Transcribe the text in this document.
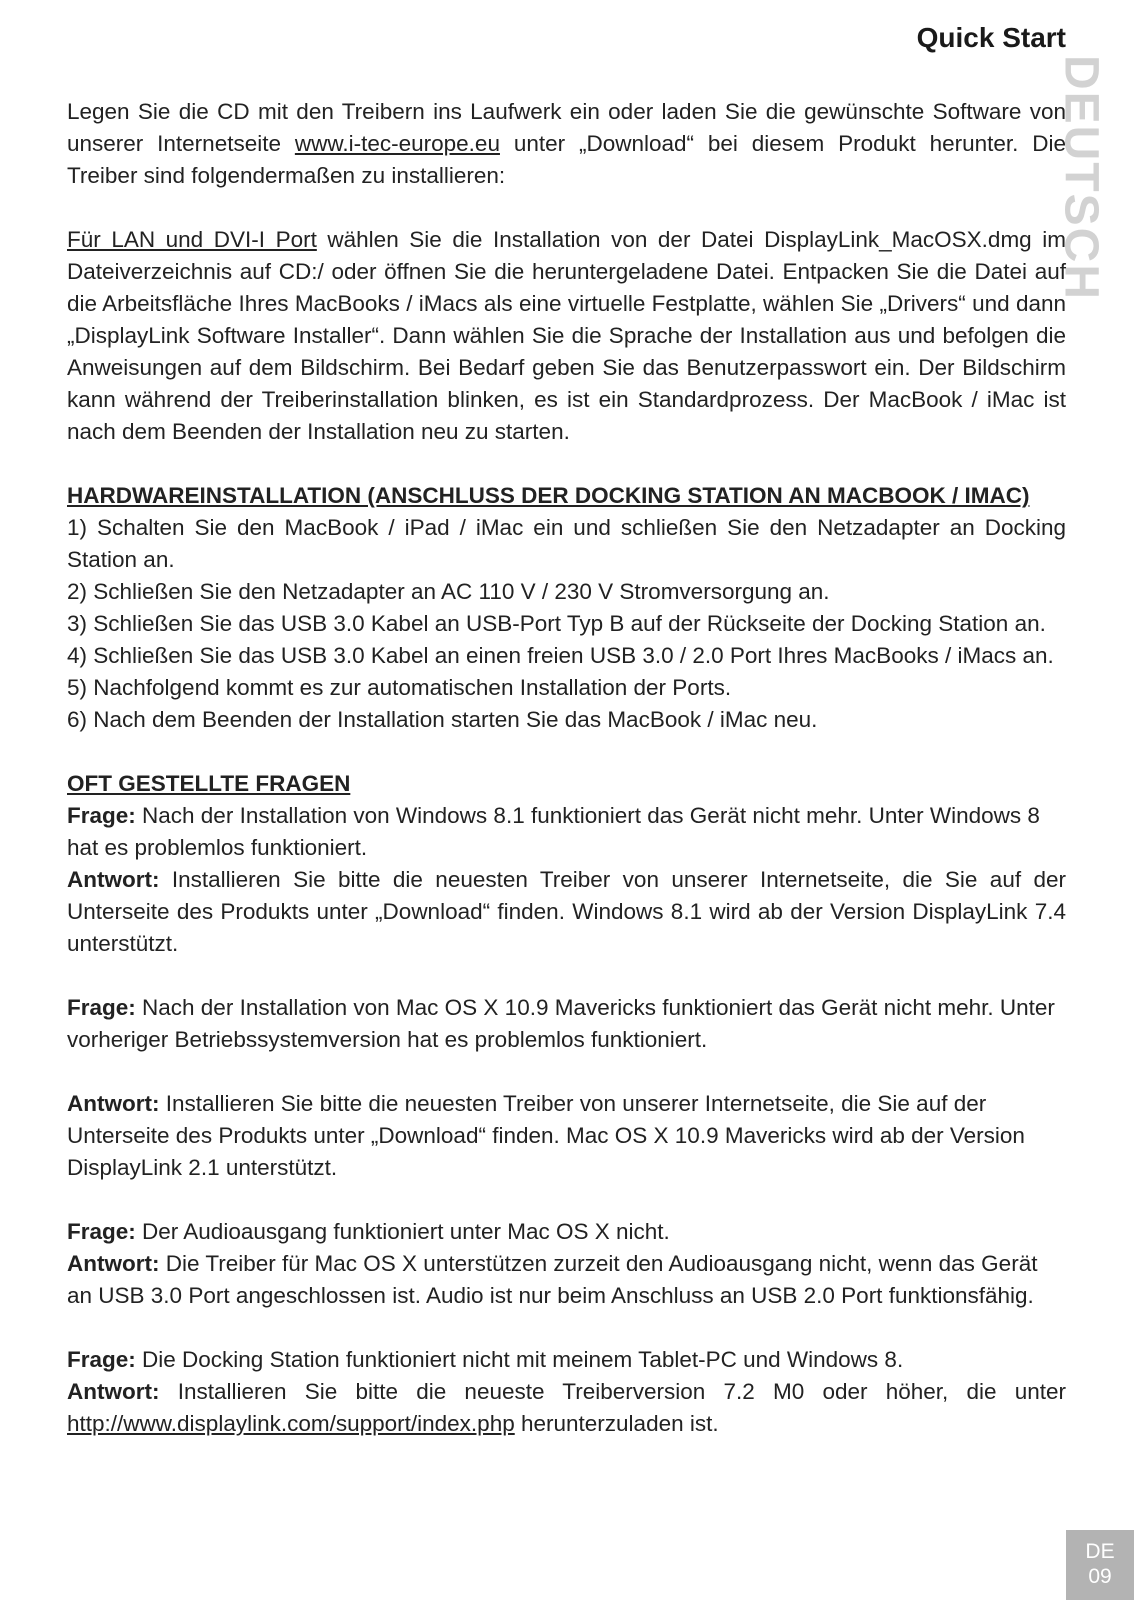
Quick Start
DEUTSCH
DE
09

Legen Sie die CD mit den Treibern ins Laufwerk ein oder laden Sie die gewünschte Software von unserer Internetseite www.i-tec-europe.eu unter „Download“ bei diesem Produkt herunter. Die Treiber sind folgendermaßen zu installieren:

Für LAN und DVI-I Port wählen Sie die Installation von der Datei DisplayLink_MacOSX.dmg im Dateiverzeichnis auf CD:/ oder öffnen Sie die heruntergeladene Datei. Entpacken Sie die Datei auf die Arbeitsfläche Ihres MacBooks / iMacs als eine virtuelle Festplatte, wählen Sie „Drivers“ und dann „DisplayLink Software Installer“. Dann wählen Sie die Sprache der Installation aus und befolgen die Anweisungen auf dem Bildschirm. Bei Bedarf geben Sie das Benutzerpasswort ein. Der Bildschirm kann während der Treiberinstallation blinken, es ist ein Standardprozess. Der MacBook / iMac ist nach dem Beenden der Installation neu zu starten.

HARDWAREINSTALLATION (ANSCHLUSS DER DOCKING STATION AN MACBOOK / IMAC)

1) Schalten Sie den MacBook / iPad / iMac ein und schließen Sie den Netzadapter an Docking Station an.

2) Schließen Sie den Netzadapter an AC 110 V / 230 V Stromversorgung an.

3) Schließen Sie das USB 3.0 Kabel an USB-Port Typ B auf der Rückseite der Docking Station an.

4) Schließen Sie das USB 3.0 Kabel an einen freien USB 3.0 / 2.0 Port Ihres MacBooks / iMacs an.

5) Nachfolgend kommt es zur automatischen Installation der Ports.

6) Nach dem Beenden der Installation starten Sie das MacBook / iMac neu.

OFT GESTELLTE FRAGEN

Frage: Nach der Installation von Windows 8.1 funktioniert das Gerät nicht mehr. Unter Windows 8 hat es problemlos funktioniert.

Antwort: Installieren Sie bitte die neuesten Treiber von unserer Internetseite, die Sie auf der Unterseite des Produkts unter „Download“ finden. Windows 8.1 wird ab der Version DisplayLink 7.4 unterstützt.

Frage: Nach der Installation von Mac OS X 10.9 Mavericks funktioniert das Gerät nicht mehr. Unter vorheriger Betriebssystemversion hat es problemlos funktioniert.

Antwort: Installieren Sie bitte die neuesten Treiber von unserer Internetseite, die Sie auf der Unterseite des Produkts unter „Download“ finden. Mac OS X 10.9 Mavericks wird ab der Version DisplayLink 2.1 unterstützt.

Frage: Der Audioausgang funktioniert unter Mac OS X nicht.

Antwort: Die Treiber für Mac OS X unterstützen zurzeit den Audioausgang nicht, wenn das Gerät an USB 3.0 Port angeschlossen ist. Audio ist nur beim Anschluss an USB 2.0 Port funktionsfähig.

Frage: Die Docking Station funktioniert nicht mit meinem Tablet-PC und Windows 8.

Antwort: Installieren Sie bitte die neueste Treiberversion 7.2 M0 oder höher, die unter http://www.displaylink.com/support/index.php herunterzuladen ist.
